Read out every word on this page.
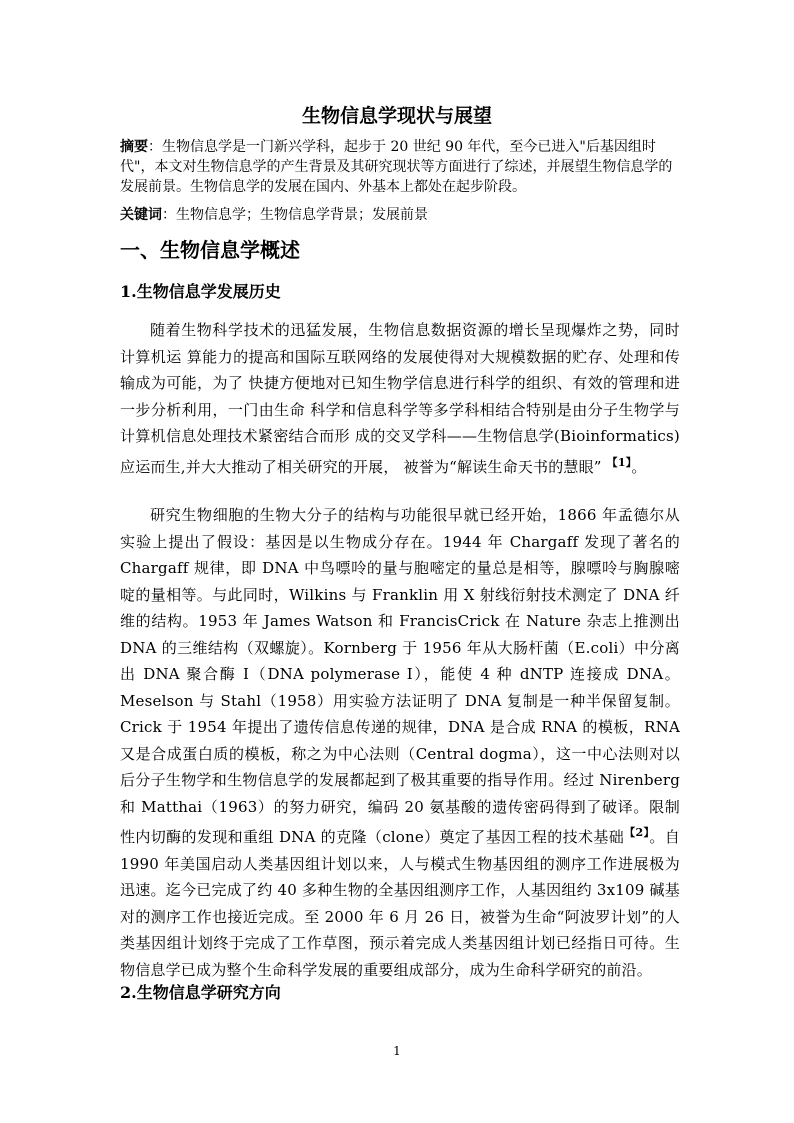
生物信息学现状与展望
摘要：生物信息学是一门新兴学科，起步于 20 世纪 90 年代，至今已进入"后基因组时代"，本文对生物信息学的产生背景及其研究现状等方面进行了综述，并展望生物信息学的发展前景。生物信息学的发展在国内、外基本上都处在起步阶段。
关键词：生物信息学；生物信息学背景；发展前景
一、生物信息学概述
1.生物信息学发展历史
随着生物科学技术的迅猛发展，生物信息数据资源的增长呈现爆炸之势，同时计算机运 算能力的提高和国际互联网络的发展使得对大规模数据的贮存、处理和传输成为可能，为了 快捷方便地对已知生物学信息进行科学的组织、有效的管理和进一步分析利用，一门由生命 科学和信息科学等多学科相结合特别是由分子生物学与计算机信息处理技术紧密结合而形 成的交叉学科——生物信息学(Bioinformatics)应运而生,并大大推动了相关研究的开展， 被誉为“解读生命天书的慧眼” $^{【1】}$。
研究生物细胞的生物大分子的结构与功能很早就已经开始，1866 年孟德尔从实验上提出了假设：基因是以生物成分存在。1944 年 Chargaff 发现了著名的 Chargaff 规律，即 DNA 中鸟嘌呤的量与胞嘧定的量总是相等，腺嘌呤与胸腺嘧啶的量相等。与此同时，Wilkins 与 Franklin 用 X 射线衍射技术测定了 DNA 纤维的结构。1953 年 James Watson 和 FrancisCrick 在 Nature 杂志上推测出 DNA 的三维结构（双螺旋）。Kornberg 于 1956 年从大肠杆菌（E.coli）中分离出 DNA 聚合酶 I（DNA polymerase I），能使 4 种 dNTP 连接成 DNA。Meselson 与 Stahl（1958）用实验方法证明了 DNA 复制是一种半保留复制。Crick 于 1954 年提出了遗传信息传递的规律，DNA 是合成 RNA 的模板，RNA 又是合成蛋白质的模板，称之为中心法则（Central dogma），这一中心法则对以后分子生物学和生物信息学的发展都起到了极其重要的指导作用。经过 Nirenberg 和 Matthai（1963）的努力研究，编码 20 氨基酸的遗传密码得到了破译。限制性内切酶的发现和重组 DNA 的克隆（clone）奠定了基因工程的技术基础$^{【2】}$。自 1990 年美国启动人类基因组计划以来，人与模式生物基因组的测序工作进展极为迅速。迄今已完成了约 40 多种生物的全基因组测序工作，人基因组约 3x109 碱基对的测序工作也接近完成。至 2000 年 6 月 26 日，被誉为生命“阿波罗计划”的人类基因组计划终于完成了工作草图，预示着完成人类基因组计划已经指日可待。生物信息学已成为整个生命科学发展的重要组成部分，成为生命科学研究的前沿。
2.生物信息学研究方向
1
